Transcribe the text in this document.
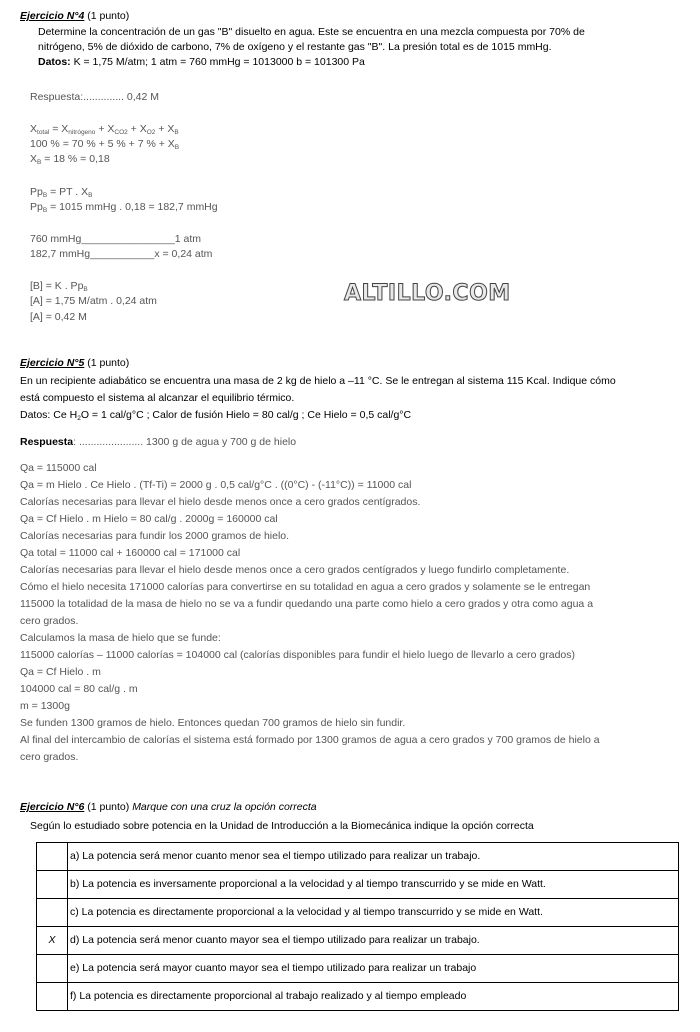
Ejercicio N°4 (1 punto)
Determine la concentración de un gas "B" disuelto en agua. Este se encuentra en una mezcla compuesta por 70% de
nitrógeno, 5% de dióxido de carbono, 7% de oxígeno y el restante gas "B". La presión total es de 1015 mmHg.
Datos: K = 1,75 M/atm; 1 atm = 760 mmHg = 1013000 b = 101300 Pa
Respuesta:.............. 0,42 M
$X_{total} = X_{nitrógeno} + X_{CO2} + X_{O2} + X_B$
100 % = 70 % + 5 % + 7 % + $X_B$
$X_B = 18$ % = 0,18
$Pp_B$ = PT . $X_B$
$Pp_B = 1015$ mmHg . 0,18 = 182,7 mmHg
760 mmHg________________1 atm
182,7 mmHg___________x = 0,24 atm
[B] = K . $Pp_B$
[A] = 1,75 M/atm . 0,24 atm
[A] = 0,42 M
ALTILLO.COM
Ejercicio N°5 (1 punto)
En un recipiente adiabático se encuentra una masa de 2 kg de hielo a –11 °C. Se le entregan al sistema 115 Kcal. Indique cómo
está compuesto el sistema al alcanzar el equilibrio térmico.
Datos: Ce $H_2O = 1$ cal/g°C ; Calor de fusión Hielo = 80 cal/g ; Ce Hielo = 0,5 cal/g°C
Respuesta: ...................... 1300 g de agua y 700 g de hielo
Qa = 115000 cal
Qa = m Hielo . Ce Hielo . (Tf-Ti) = 2000 g . 0,5 cal/g°C . ((0°C) - (-11°C)) = 11000 cal
Calorías necesarias para llevar el hielo desde menos once a cero grados centígrados.
Qa = Cf Hielo . m Hielo = 80 cal/g . 2000g = 160000 cal
Calorías necesarias para fundir los 2000 gramos de hielo.
Qa total = 11000 cal + 160000 cal = 171000 cal
Calorías necesarias para llevar el hielo desde menos once a cero grados centígrados y luego fundirlo completamente.
Cómo el hielo necesita 171000 calorías para convertirse en su totalidad en agua a cero grados y solamente se le entregan
115000 la totalidad de la masa de hielo no se va a fundir quedando una parte como hielo a cero grados y otra como agua a
cero grados.
Calculamos la masa de hielo que se funde:
115000 calorías – 11000 calorías = 104000 cal (calorías disponibles para fundir el hielo luego de llevarlo a cero grados)
Qa = Cf Hielo . m
104000 cal = 80 cal/g . m
m = 1300g
Se funden 1300 gramos de hielo. Entonces quedan 700 gramos de hielo sin fundir.
Al final del intercambio de calorías el sistema está formado por 1300 gramos de agua a cero grados y 700 gramos de hielo a
cero grados.
Ejercicio N°6 (1 punto) Marque con una cruz la opción correcta
Según lo estudiado sobre potencia en la Unidad de Introducción a la Biomecánica indique la opción correcta
	a) La potencia será menor cuanto menor sea el tiempo utilizado para realizar un trabajo.
	b) La potencia es inversamente proporcional a la velocidad y al tiempo transcurrido y se mide en Watt.
	c) La potencia es directamente proporcional a la velocidad y al tiempo transcurrido y se mide en Watt.
X	d) La potencia será menor cuanto mayor sea el tiempo utilizado para realizar un trabajo.
	e) La potencia será mayor cuanto mayor sea el tiempo utilizado para realizar un trabajo
	f) La potencia es directamente proporcional al trabajo realizado y al tiempo empleado
